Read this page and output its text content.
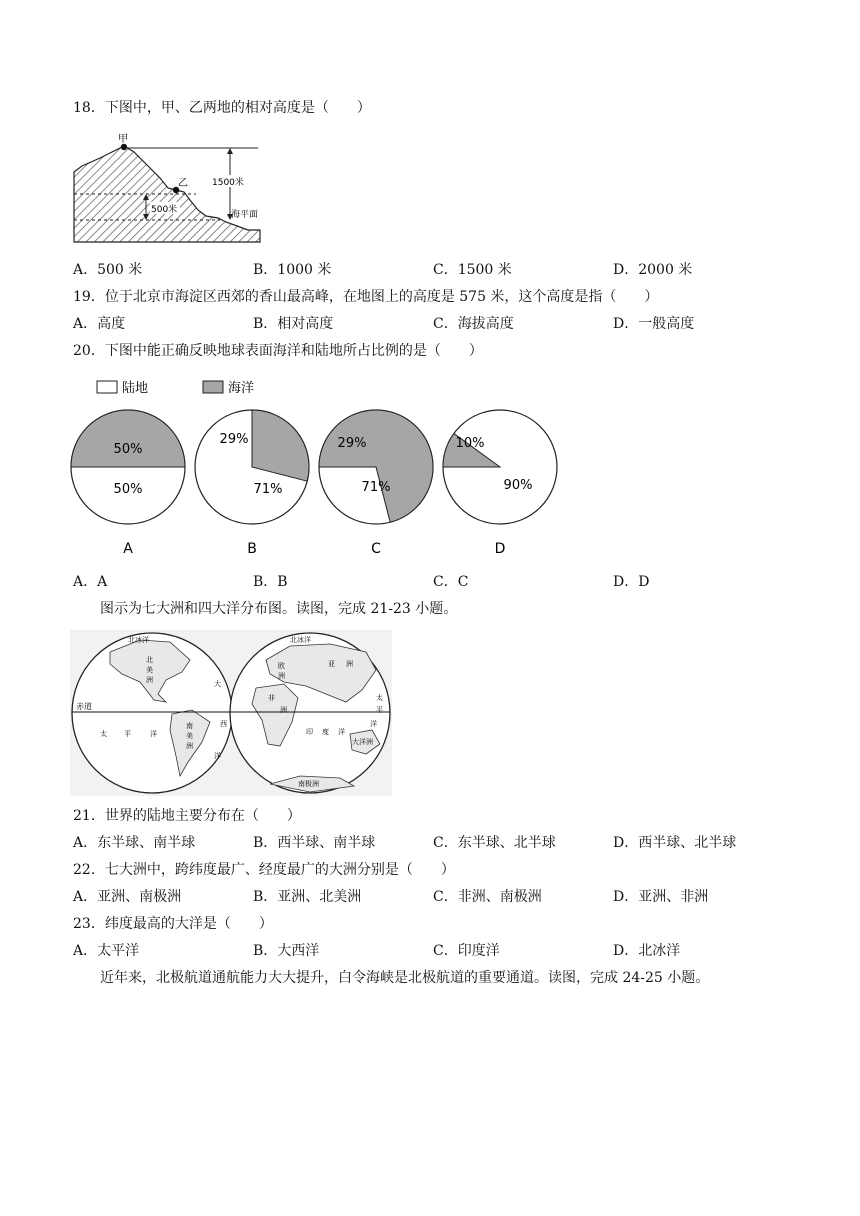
18．下图中，甲、乙两地的相对高度是（　　）
甲
乙	1500米
500米	海平面
A．500 米	B．1000 米	C．1500 米	D．2000 米
19．位于北京市海淀区西郊的香山最高峰，在地图上的高度是 575 米，这个高度是指（　　）
A．高度	B．相对高度	C．海拔高度	D．一般高度
20．下图中能正确反映地球表面海洋和陆地所占比例的是（　　）
陆地	海洋
50%
50%
A
29%
71%
B
71%
29%
C
10%
90%
D
A．A	B．B	C．C	D．D
图示为七大洲和四大洋分布图。读图，完成 21-23 小题。
赤道
北冰洋
北
美
洲	大
南
美
洲
太 平	洋
西
洋
北冰洋
欧
洲
亚 洲
非
洲
印 度 洋
大洋洲
南极洲
太
平
洋
21．世界的陆地主要分布在（　　）
A．东半球、南半球	B．西半球、南半球	C．东半球、北半球	D．西半球、北半球
22．七大洲中，跨纬度最广、经度最广的大洲分别是（　　）
A．亚洲、南极洲	B．亚洲、北美洲	C．非洲、南极洲	D．亚洲、非洲
23．纬度最高的大洋是（　　）
A．太平洋	B．大西洋	C．印度洋	D．北冰洋
近年来，北极航道通航能力大大提升，白令海峡是北极航道的重要通道。读图，完成 24-25 小题。
